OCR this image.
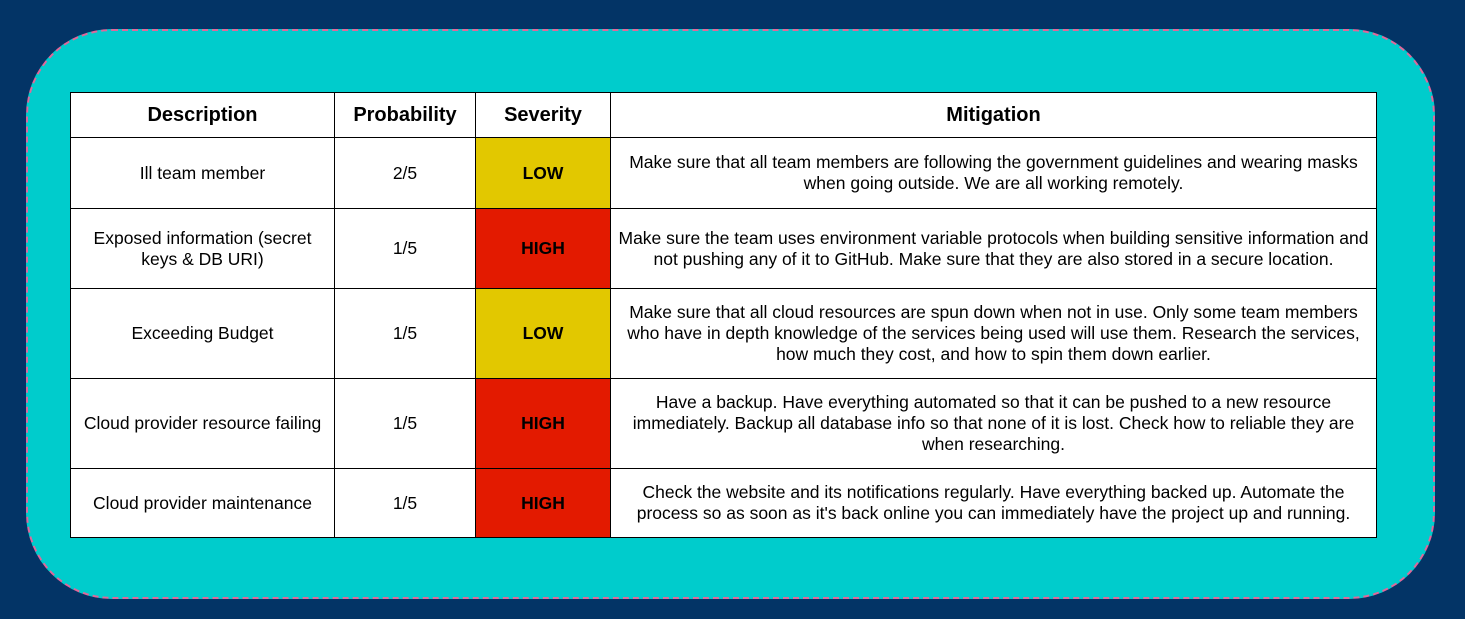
Description	Probability	Severity	Mitigation
Ill team member	2/5	LOW	Make sure that all team members are following the government guidelines and wearing masks when going outside. We are all working remotely.
Exposed information (secret keys & DB URI)	1/5	HIGH	Make sure the team uses environment variable protocols when building sensitive information and not pushing any of it to GitHub. Make sure that they are also stored in a secure location.
Exceeding Budget	1/5	LOW	Make sure that all cloud resources are spun down when not in use. Only some team members who have in depth knowledge of the services being used will use them. Research the services, how much they cost, and how to spin them down earlier.
Cloud provider resource failing	1/5	HIGH	Have a backup. Have everything automated so that it can be pushed to a new resource immediately. Backup all database info so that none of it is lost. Check how to reliable they are when researching.
Cloud provider maintenance	1/5	HIGH	Check the website and its notifications regularly. Have everything backed up. Automate the process so as soon as it's back online you can immediately have the project up and running.
